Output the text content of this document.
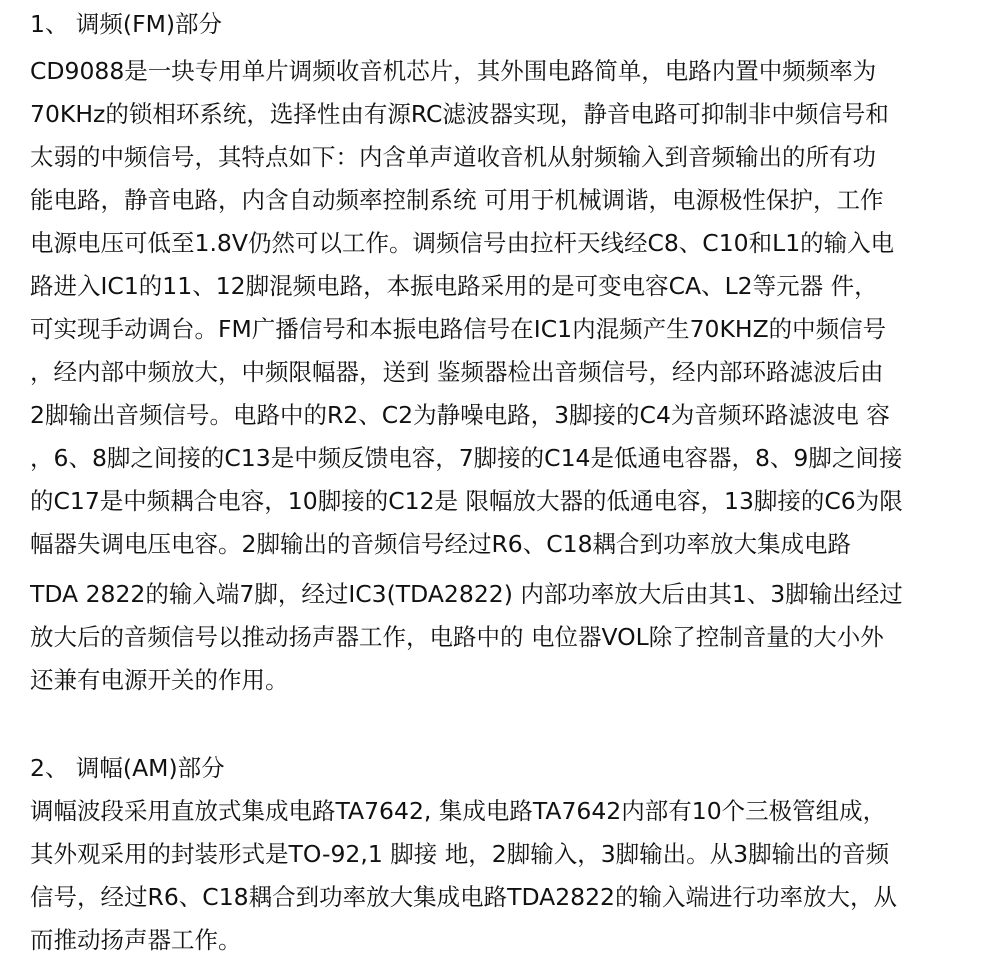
1、 调频(FM)部分
CD9088是一块专用单片调频收音机芯片，其外围电路简单，电路内置中频频率为
70KHz的锁相环系统，选择性由有源RC滤波器实现，静音电路可抑制非中频信号和
太弱的中频信号，其特点如下：内含单声道收音机从射频输入到音频输出的所有功
能电路，静音电路，内含自动频率控制系统 可用于机械调谐，电源极性保护，工作
电源电压可低至1.8V仍然可以工作。调频信号由拉杆天线经C8、C10和L1的输入电
路进入IC1的11、12脚混频电路，本振电路采用的是可变电容CA、L2等元器 件，
可实现手动调台。FM广播信号和本振电路信号在IC1内混频产生70KHZ的中频信号
，经内部中频放大，中频限幅器，送到 鉴频器检出音频信号，经内部环路滤波后由
2脚输出音频信号。电路中的R2、C2为静噪电路，3脚接的C4为音频环路滤波电 容
，6、8脚之间接的C13是中频反馈电容，7脚接的C14是低通电容器，8、9脚之间接
的C17是中频耦合电容，10脚接的C12是 限幅放大器的低通电容，13脚接的C6为限
幅器失调电压电容。2脚输出的音频信号经过R6、C18耦合到功率放大集成电路
TDA 2822的输入端7脚，经过IC3(TDA2822) 内部功率放大后由其1、3脚输出经过
放大后的音频信号以推动扬声器工作，电路中的 电位器VOL除了控制音量的大小外
还兼有电源开关的作用。
2、 调幅(AM)部分
调幅波段采用直放式集成电路TA7642, 集成电路TA7642内部有10个三极管组成，
其外观采用的封装形式是TO-92,1 脚接 地，2脚输入，3脚输出。从3脚输出的音频
信号，经过R6、C18耦合到功率放大集成电路TDA2822的输入端进行功率放大，从
而推动扬声器工作。
